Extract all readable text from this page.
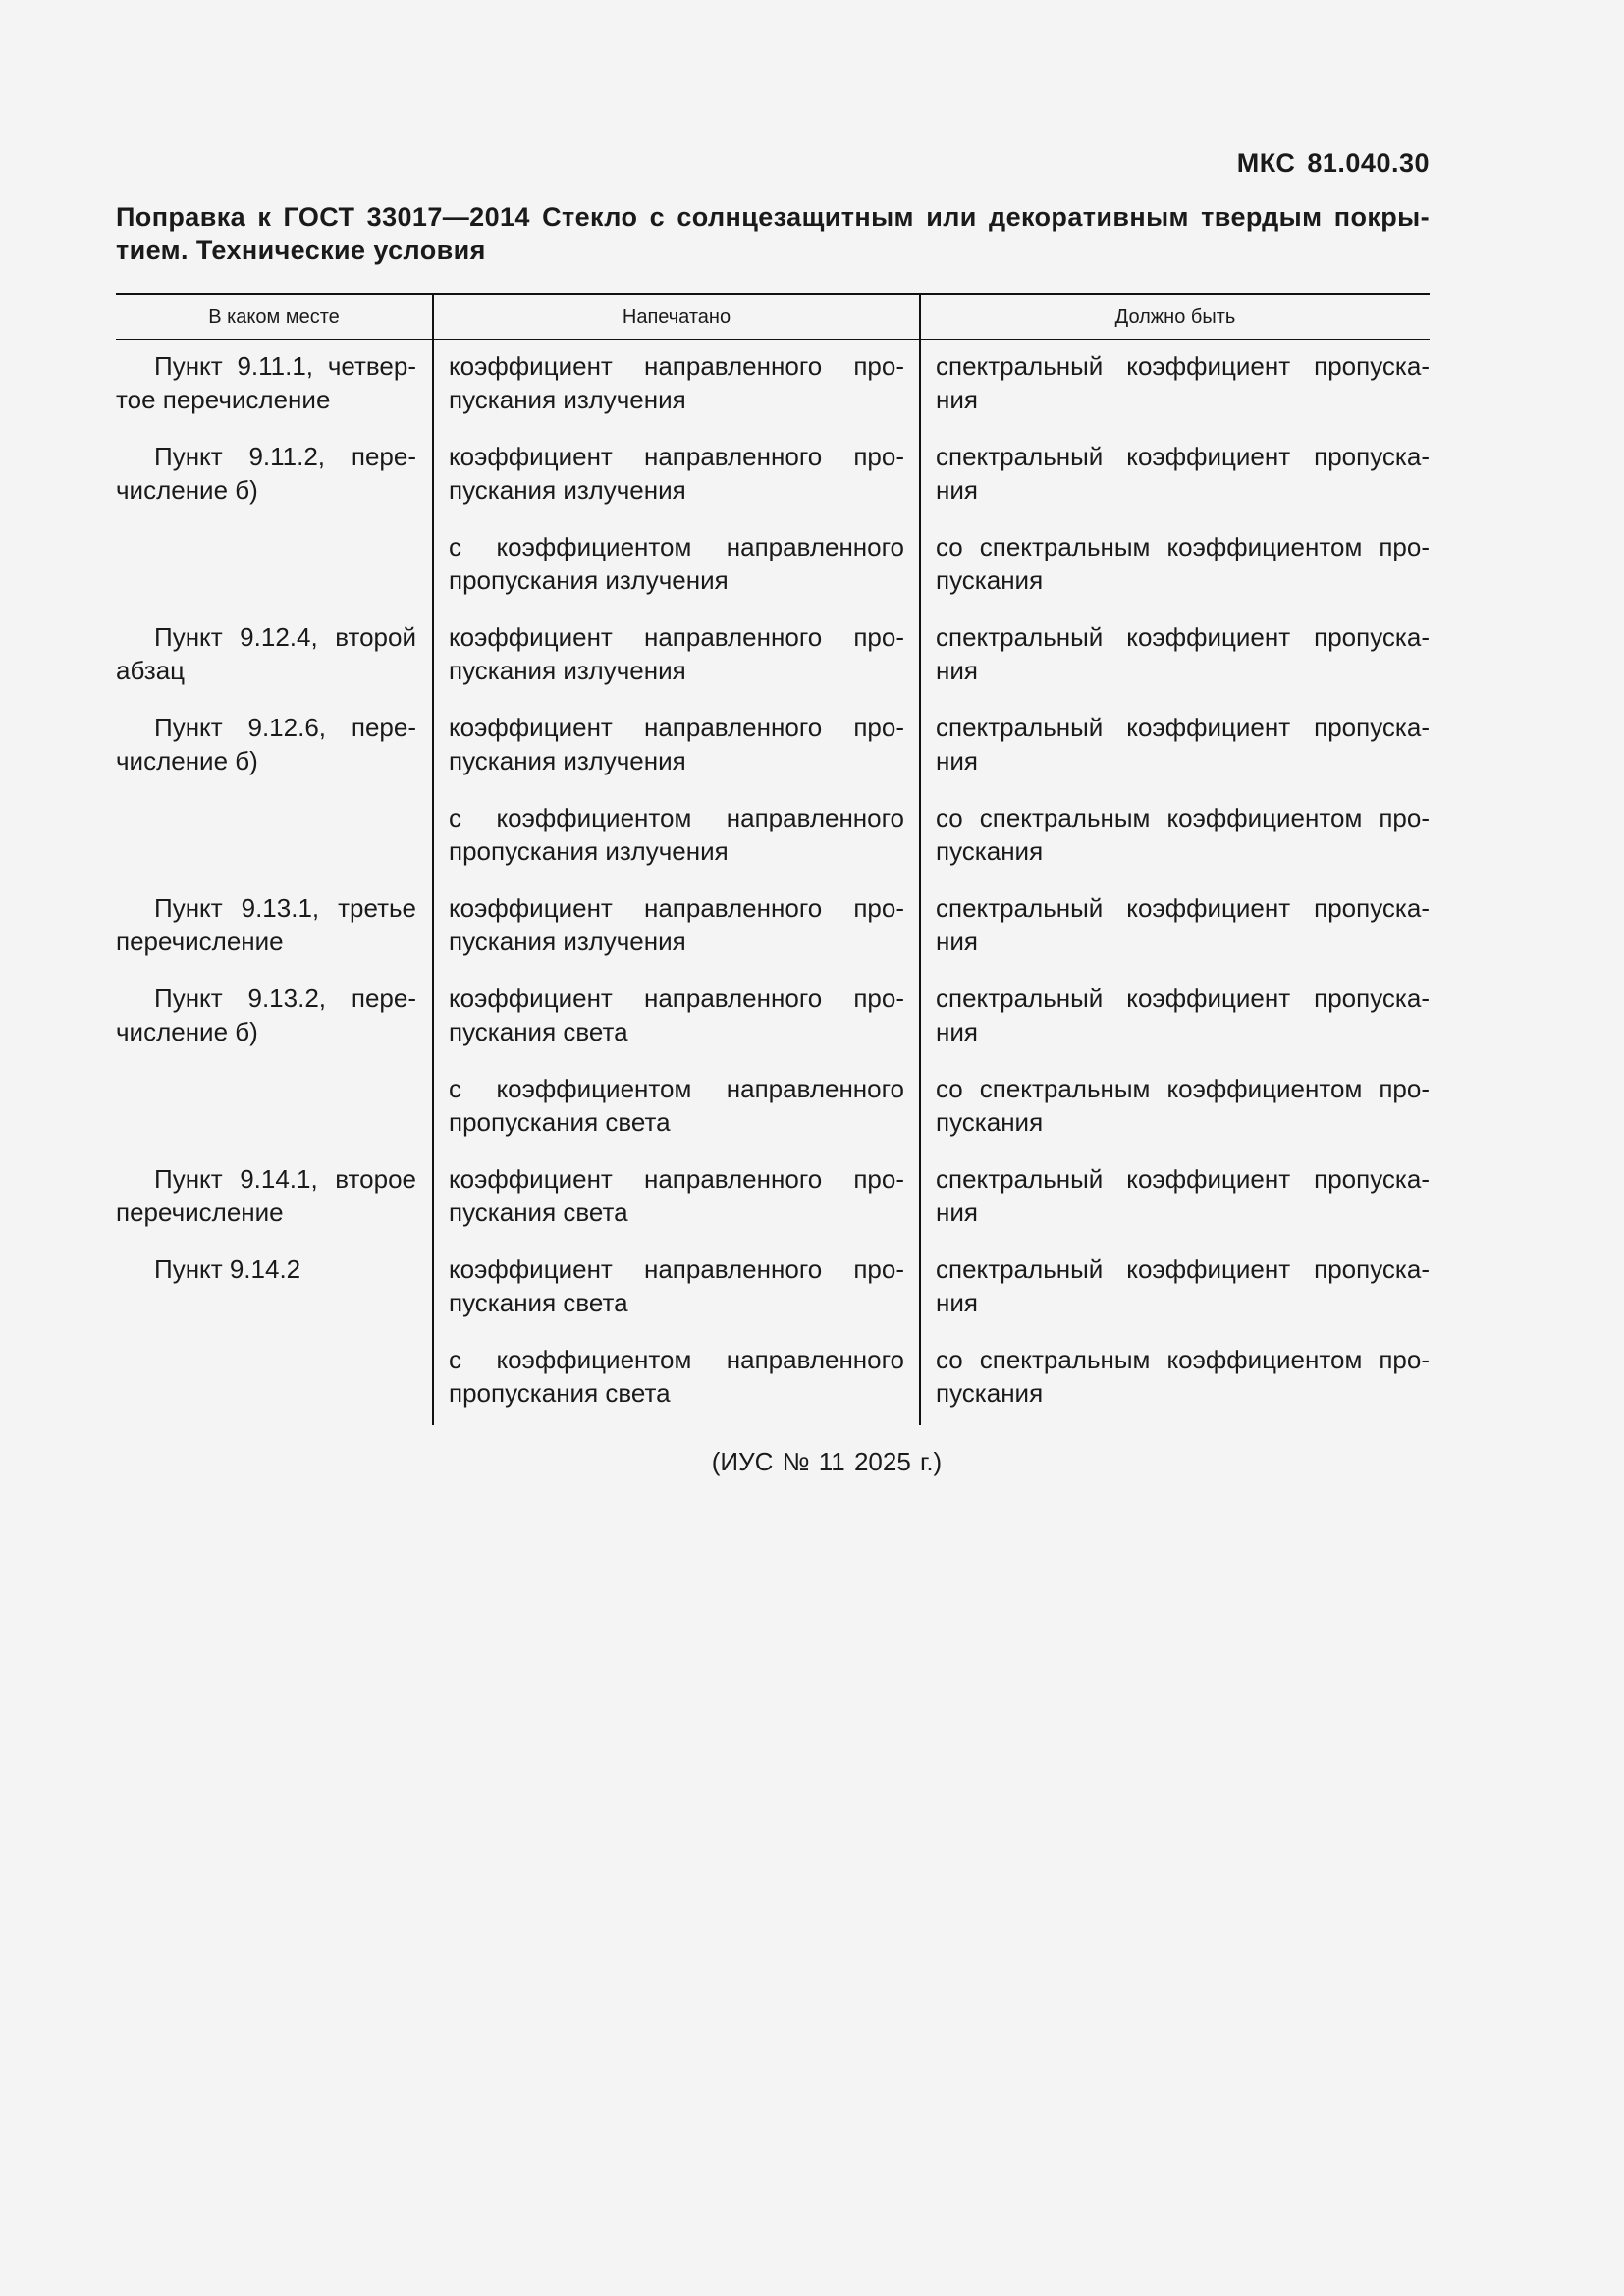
МКС 81.040.30
Поправка к ГОСТ 33017—2014 Стекло с солнцезащитным или декоративным твердым покры-
тием. Технические условия
В каком месте	Напечатано	Должно быть

Пункт 9.11.1, четвер-
тое перечисление	коэффициент направленного про-
пускания излучения	спектральный коэффициент пропуска-
ния

Пункт 9.11.2, пере-
числение б)	коэффициент направленного про-
пускания излучения	спектральный коэффициент пропуска-
ния

	с коэффициентом направленного
пропускания излучения	со спектральным коэффициентом про-
пускания

Пункт 9.12.4, второй
абзац	коэффициент направленного про-
пускания излучения	спектральный коэффициент пропуска-
ния

Пункт 9.12.6, пере-
числение б)	коэффициент направленного про-
пускания излучения	спектральный коэффициент пропуска-
ния

	с коэффициентом направленного
пропускания излучения	со спектральным коэффициентом про-
пускания

Пункт 9.13.1, третье
перечисление	коэффициент направленного про-
пускания излучения	спектральный коэффициент пропуска-
ния

Пункт 9.13.2, пере-
числение б)	коэффициент направленного про-
пускания света	спектральный коэффициент пропуска-
ния

	с коэффициентом направленного
пропускания света	со спектральным коэффициентом про-
пускания

Пункт 9.14.1, второе
перечисление	коэффициент направленного про-
пускания света	спектральный коэффициент пропуска-
ния

Пункт 9.14.2	коэффициент направленного про-
пускания света	спектральный коэффициент пропуска-
ния

	с коэффициентом направленного
пропускания света	со спектральным коэффициентом про-
пускания
(ИУС № 11 2025 г.)
